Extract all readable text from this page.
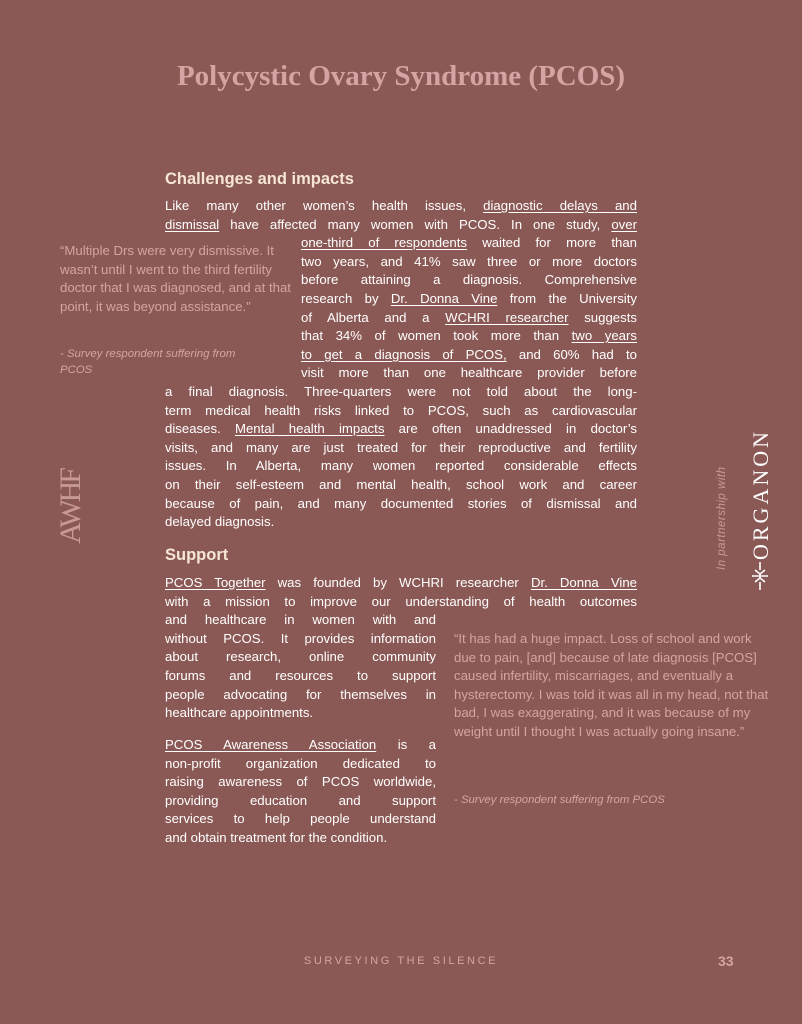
Polycystic Ovary Syndrome (PCOS)
Challenges and impacts
Like many other women’s health issues, diagnostic delays and
dismissal have affected many women with PCOS. In one study, over
one-third of respondents waited for more than
two years, and 41% saw three or more doctors
before attaining a diagnosis. Comprehensive
research by Dr. Donna Vine from the University
of Alberta and a WCHRI researcher suggests
that 34% of women took more than two years
to get a diagnosis of PCOS, and 60% had to
visit more than one healthcare provider before
a final diagnosis. Three-quarters were not told about the long-
term medical health risks linked to PCOS, such as cardiovascular
diseases. Mental health impacts are often unaddressed in doctor’s
visits, and many are just treated for their reproductive and fertility
issues. In Alberta, many women reported considerable effects
on their self-esteem and mental health, school work and career
because of pain, and many documented stories of dismissal and
delayed diagnosis.
“Multiple Drs were very dismissive. It wasn’t until I went to the third fertility doctor that I was diagnosed, and at that point, it was beyond assistance.”
- Survey respondent suffering from PCOS
Support
PCOS Together was founded by WCHRI researcher Dr. Donna Vine
with a mission to improve our understanding of health outcomes
and healthcare in women with and
without PCOS. It provides information
about research, online community
forums and resources to support
people advocating for themselves in
healthcare appointments.
PCOS Awareness Association is a
non-profit organization dedicated to
raising awareness of PCOS worldwide,
providing education and support
services to help people understand
and obtain treatment for the condition.
“It has had a huge impact. Loss of school and work due to pain, [and] because of late diagnosis [PCOS] caused infertility, miscarriages, and eventually a hysterectomy. I was told it was all in my head, not that bad, I was exaggerating, and it was because of my weight until I thought I was actually going insane.”
- Survey respondent suffering from PCOS
AWHF	In partnership with ORGANON
SURVEYING THE SILENCE	33
